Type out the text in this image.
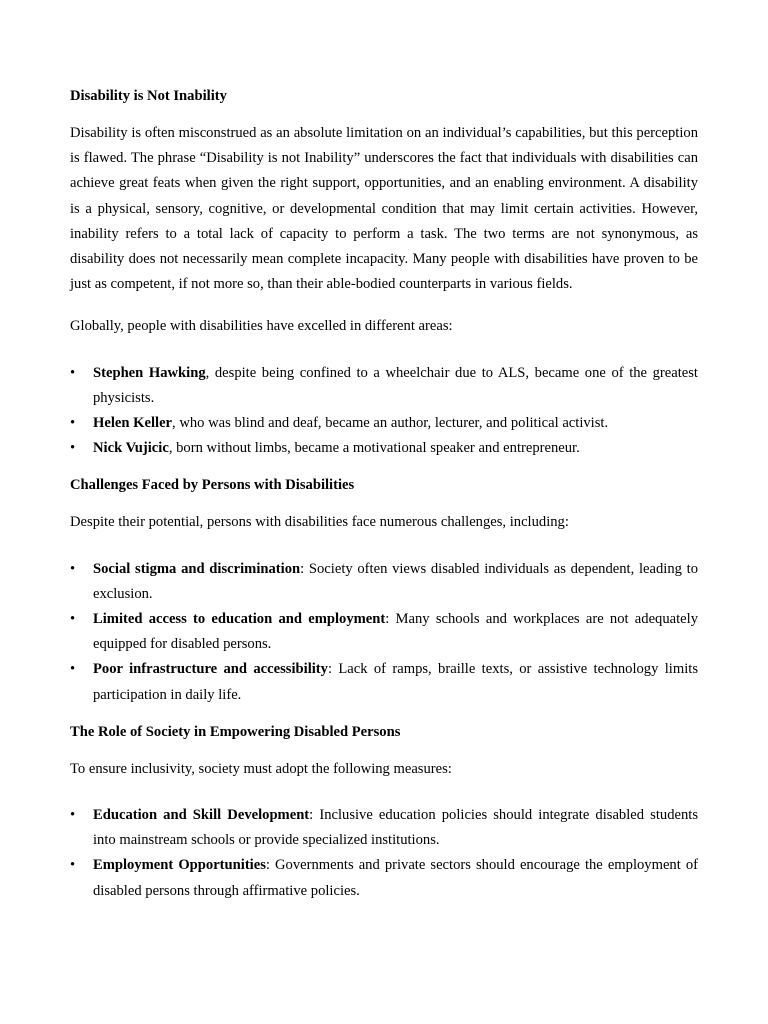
Disability is Not Inability

Disability is often misconstrued as an absolute limitation on an individual’s capabilities, but this perception is flawed. The phrase “Disability is not Inability” underscores the fact that individuals with disabilities can achieve great feats when given the right support, opportunities, and an enabling environment. A disability is a physical, sensory, cognitive, or developmental condition that may limit certain activities. However, inability refers to a total lack of capacity to perform a task. The two terms are not synonymous, as disability does not necessarily mean complete incapacity. Many people with disabilities have proven to be just as competent, if not more so, than their able-bodied counterparts in various fields.

Globally, people with disabilities have excelled in different areas:

• Stephen Hawking, despite being confined to a wheelchair due to ALS, became one of the greatest physicists.
• Helen Keller, who was blind and deaf, became an author, lecturer, and political activist.
• Nick Vujicic, born without limbs, became a motivational speaker and entrepreneur.
Challenges Faced by Persons with Disabilities

Despite their potential, persons with disabilities face numerous challenges, including:

• Social stigma and discrimination: Society often views disabled individuals as dependent, leading to exclusion.
• Limited access to education and employment: Many schools and workplaces are not adequately equipped for disabled persons.
• Poor infrastructure and accessibility: Lack of ramps, braille texts, or assistive technology limits participation in daily life.
The Role of Society in Empowering Disabled Persons

To ensure inclusivity, society must adopt the following measures:

• Education and Skill Development: Inclusive education policies should integrate disabled students into mainstream schools or provide specialized institutions.
• Employment Opportunities: Governments and private sectors should encourage the employment of disabled persons through affirmative policies.
